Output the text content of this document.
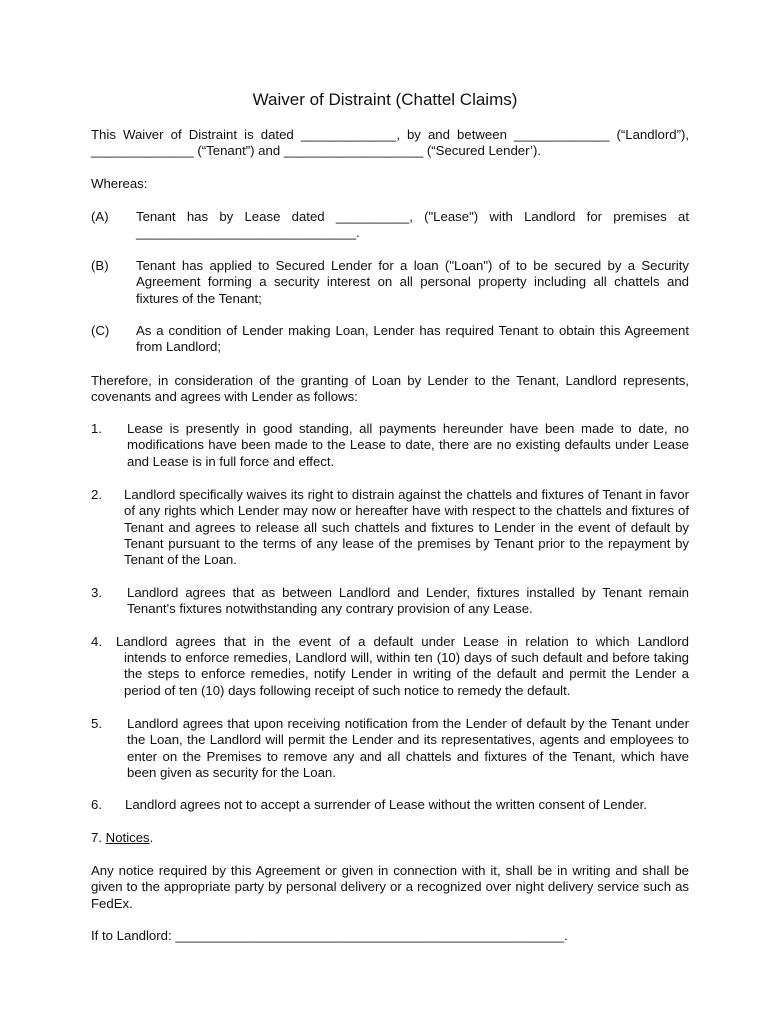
Waiver of Distraint (Chattel Claims)
This Waiver of Distraint is dated _____________, by and between _____________ (“Landlord”),
______________ (“Tenant”) and ___________________ (“Secured Lender’).
Whereas:
(A) Tenant has by Lease dated __________, ("Lease") with Landlord for premises at
______________________________.
(B) Tenant has applied to Secured Lender for a loan ("Loan") of to be secured by a Security Agreement forming a security interest on all personal property including all chattels and fixtures of the Tenant;
(C) As a condition of Lender making Loan, Lender has required Tenant to obtain this Agreement from Landlord;
Therefore, in consideration of the granting of Loan by Lender to the Tenant, Landlord represents, covenants and agrees with Lender as follows:
1. Lease is presently in good standing, all payments hereunder have been made to date, no modifications have been made to the Lease to date, there are no existing defaults under Lease and Lease is in full force and effect.
2. Landlord specifically waives its right to distrain against the chattels and fixtures of Tenant in favor of any rights which Lender may now or hereafter have with respect to the chattels and fixtures of Tenant and agrees to release all such chattels and fixtures to Lender in the event of default by Tenant pursuant to the terms of any lease of the premises by Tenant prior to the repayment by Tenant of the Loan.
3. Landlord agrees that as between Landlord and Lender, fixtures installed by Tenant remain Tenant's fixtures notwithstanding any contrary provision of any Lease.
4. Landlord agrees that in the event of a default under Lease in relation to which Landlord
intends to enforce remedies, Landlord will, within ten (10) days of such default and before taking the steps to enforce remedies, notify Lender in writing of the default and permit the Lender a period of ten (10) days following receipt of such notice to remedy the default.
5. Landlord agrees that upon receiving notification from the Lender of default by the Tenant under the Loan, the Landlord will permit the Lender and its representatives, agents and employees to enter on the Premises to remove any and all chattels and fixtures of the Tenant, which have been given as security for the Loan.
6. Landlord agrees not to accept a surrender of Lease without the written consent of Lender.
7. Notices.
Any notice required by this Agreement or given in connection with it, shall be in writing and shall be given to the appropriate party by personal delivery or a recognized over night delivery service such as FedEx.
If to Landlord: _____________________________________________________.
